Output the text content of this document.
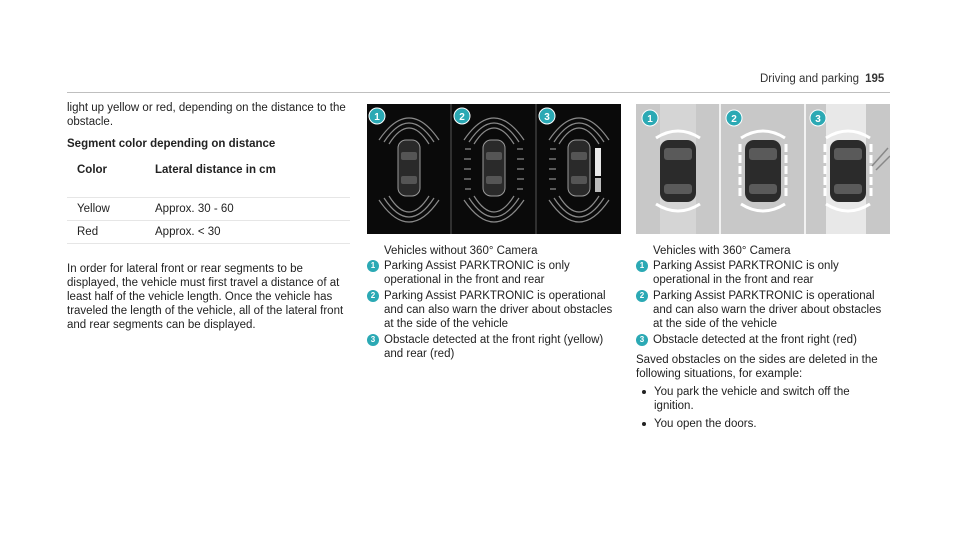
Driving and parking 195

light up yellow or red, depending on the distance to the obstacle.

Segment color depending on distance

Color	Lateral distance in cm
Yellow	Approx. 30 - 60
Red	Approx. < 30

In order for lateral front or rear segments to be displayed, the vehicle must first travel a distance of at least half of the vehicle length. Once the vehicle has traveled the length of the vehicle, all of the lateral front and rear segments can be displayed.

1	2	3	1	2	3
Vehicles without 360° Camera
1 Parking Assist PARKTRONIC is only operational in the front and rear
2 Parking Assist PARKTRONIC is operational and can also warn the driver about obstacles at the side of the vehicle
3 Obstacle detected at the front right (yellow) and rear (red)
Vehicles with 360° Camera
1 Parking Assist PARKTRONIC is only operational in the front and rear
2 Parking Assist PARKTRONIC is operational and can also warn the driver about obstacles at the side of the vehicle
3 Obstacle detected at the front right (red)
Saved obstacles on the sides are deleted in the following situations, for example:
You park the vehicle and switch off the ignition.
You open the doors.
